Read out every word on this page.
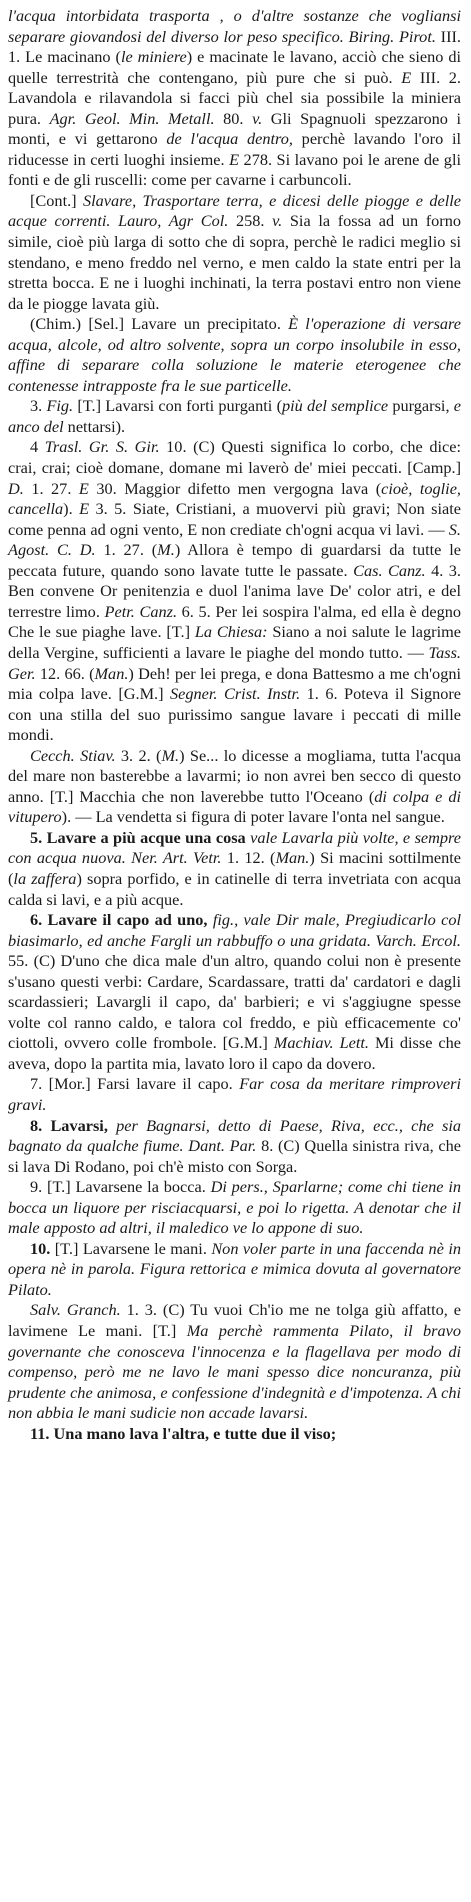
l'acqua intorbidata trasporta , o d'altre sostanze che vogliansi separare giovandosi del diverso lor peso specifico. Biring. Pirot. III. 1. Le macinano (le miniere) e macinate le lavano, acciò che sieno di quelle terrestrità che contengano, più pure che si può. E III. 2. Lavandola e rilavandola si facci più chel sia possibile la miniera pura. Agr. Geol. Min. Metall. 80. v. Gli Spagnuoli spezzarono i monti, e vi gettarono de l'acqua dentro, perchè lavando l'oro il riducesse in certi luoghi insieme. E 278. Si lavano poi le arene de gli fonti e de gli ruscelli: come per cavarne i carbuncoli.

[Cont.] Slavare, Trasportare terra, e dicesi delle piogge e delle acque correnti. Lauro, Agr Col. 258. v. Sia la fossa ad un forno simile, cioè più larga di sotto che di sopra, perchè le radici meglio si stendano, e meno freddo nel verno, e men caldo la state entri per la stretta bocca. E ne i luoghi inchinati, la terra postavi entro non viene da le piogge lavata giù.

(Chim.) [Sel.] Lavare un precipitato. È l'operazione di versare acqua, alcole, od altro solvente, sopra un corpo insolubile in esso, affine di separare colla soluzione le materie eterogenee che contenesse intrapposte fra le sue particelle.

3. Fig. [T.] Lavarsi con forti purganti (più del semplice purgarsi, e anco del nettarsi).

4 Trasl. Gr. S. Gir. 10. (C) Questi significa lo corbo, che dice: crai, crai; cioè domane, domane mi laverò de' miei peccati. [Camp.] D. 1. 27. E 30. Maggior difetto men vergogna lava (cioè, toglie, cancella). E 3. 5. Siate, Cristiani, a muovervi più gravi; Non siate come penna ad ogni vento, E non crediate ch'ogni acqua vi lavi. — S. Agost. C. D. 1. 27. (M.) Allora è tempo di guardarsi da tutte le peccata future, quando sono lavate tutte le passate. Cas. Canz. 4. 3. Ben convene Or penitenzia e duol l'anima lave De' color atri, e del terrestre limo. Petr. Canz. 6. 5. Per lei sospira l'alma, ed ella è degno Che le sue piaghe lave. [T.] La Chiesa: Siano a noi salute le lagrime della Vergine, sufficienti a lavare le piaghe del mondo tutto. — Tass. Ger. 12. 66. (Man.) Deh! per lei prega, e dona Battesmo a me ch'ogni mia colpa lave. [G.M.] Segner. Crist. Instr. 1. 6. Poteva il Signore con una stilla del suo purissimo sangue lavare i peccati di mille mondi.

Cecch. Stiav. 3. 2. (M.) Se... lo dicesse a mogliama, tutta l'acqua del mare non basterebbe a lavarmi; io non avrei ben secco di questo anno. [T.] Macchia che non laverebbe tutto l'Oceano (di colpa e di vitupero). — La vendetta si figura di poter lavare l'onta nel sangue.

5. Lavare a più acque una cosa vale Lavarla più volte, e sempre con acqua nuova. Ner. Art. Vetr. 1. 12. (Man.) Si macini sottilmente (la zaffera) sopra porfido, e in catinelle di terra invetriata con acqua calda si lavi, e a più acque.

6. Lavare il capo ad uno, fig., vale Dir male, Pregiudicarlo col biasimarlo, ed anche Fargli un rabbuffo o una gridata. Varch. Ercol. 55. (C) D'uno che dica male d'un altro, quando colui non è presente s'usano questi verbi: Cardare, Scardassare, tratti da' cardatori e dagli scardassieri; Lavargli il capo, da' barbieri; e vi s'aggiugne spesse volte col ranno caldo, e talora col freddo, e più efficacemente co' ciottoli, ovvero colle frombole. [G.M.] Machiav. Lett. Mi disse che aveva, dopo la partita mia, lavato loro il capo da dovero.

7. [Mor.] Farsi lavare il capo. Far cosa da meritare rimproveri gravi.

8. Lavarsi, per Bagnarsi, detto di Paese, Riva, ecc., che sia bagnato da qualche fiume. Dant. Par. 8. (C) Quella sinistra riva, che si lava Di Rodano, poi ch'è misto con Sorga.

9. [T.] Lavarsene la bocca. Di pers., Sparlarne; come chi tiene in bocca un liquore per risciacquarsi, e poi lo rigetta. A denotar che il male apposto ad altri, il maledico ve lo appone di suo.

10. [T.] Lavarsene le mani. Non voler parte in una faccenda nè in opera nè in parola. Figura rettorica e mimica dovuta al governatore Pilato.

Salv. Granch. 1. 3. (C) Tu vuoi Ch'io me ne tolga giù affatto, e lavimene Le mani. [T.] Ma perchè rammenta Pilato, il bravo governante che conosceva l'innocenza e la flagellava per modo di compenso, però me ne lavo le mani spesso dice noncuranza, più prudente che animosa, e confessione d'indegnità e d'impotenza. A chi non abbia le mani sudicie non accade lavarsi.

11. Una mano lava l'altra, e tutte due il viso;
